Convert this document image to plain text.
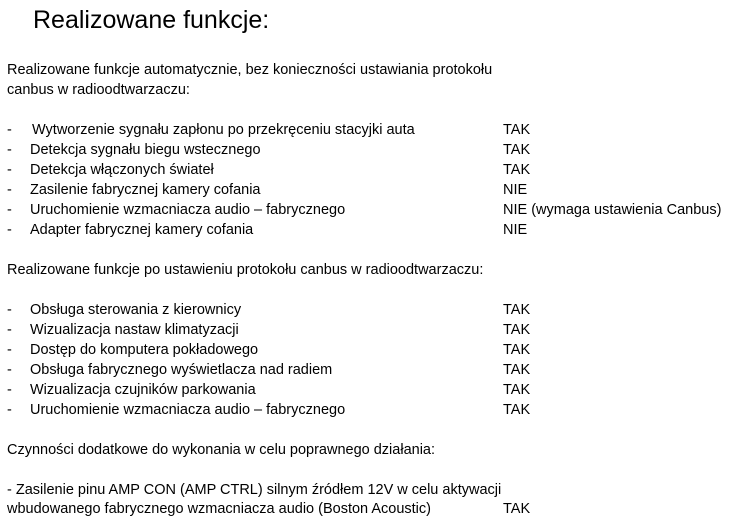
Realizowane funkcje:
Realizowane funkcje automatycznie, bez konieczności ustawiania protokołu
canbus w radioodtwarzaczu:
- Wytworzenie sygnału zapłonu po przekręceniu stacyjki auta	TAK
- Detekcja sygnału biegu wstecznego	TAK
- Detekcja włączonych świateł	TAK
- Zasilenie fabrycznej kamery cofania	NIE
- Uruchomienie wzmacniacza audio – fabrycznego	NIE (wymaga ustawienia Canbus)
- Adapter fabrycznej kamery cofania	NIE
Realizowane funkcje po ustawieniu protokołu canbus w radioodtwarzaczu:
- Obsługa sterowania z kierownicy	TAK
- Wizualizacja nastaw klimatyzacji	TAK
- Dostęp do komputera pokładowego	TAK
- Obsługa fabrycznego wyświetlacza nad radiem	TAK
- Wizualizacja czujników parkowania	TAK
- Uruchomienie wzmacniacza audio – fabrycznego	TAK
Czynności dodatkowe do wykonania w celu poprawnego działania:
- Zasilenie pinu AMP CON (AMP CTRL) silnym źródłem 12V w celu aktywacji
wbudowanego fabrycznego wzmacniacza audio (Boston Acoustic)	TAK
